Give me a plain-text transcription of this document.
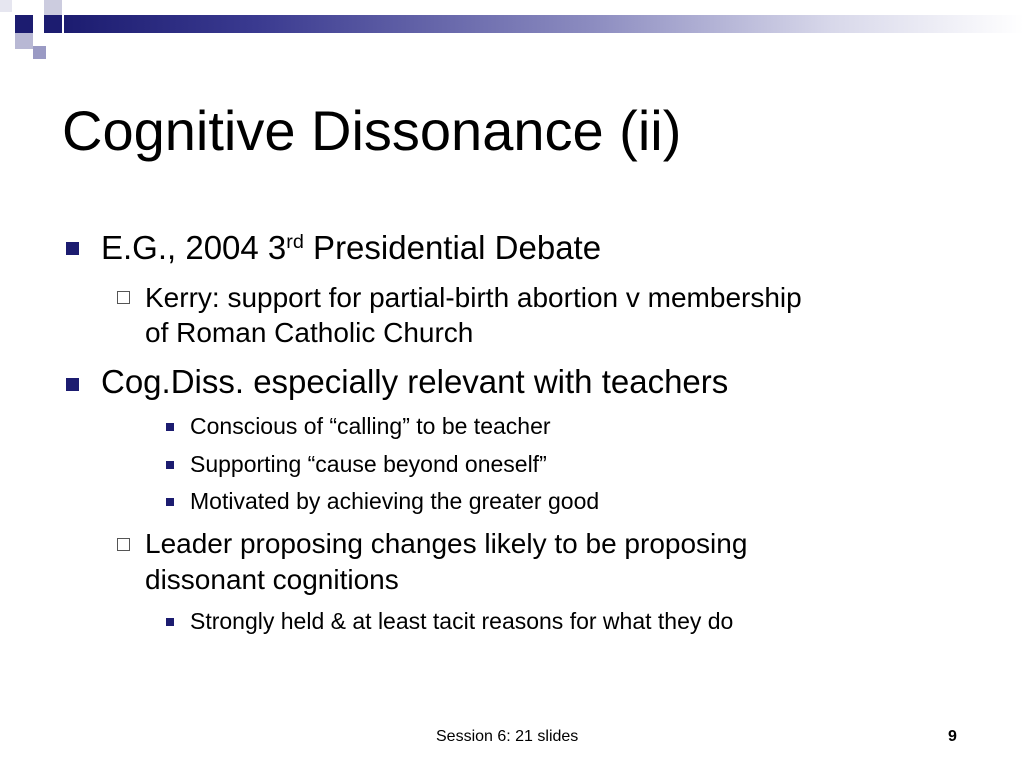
Cognitive Dissonance (ii)
E.G., 2004 3rd Presidential Debate
Kerry: support for partial-birth abortion v membership
of Roman Catholic Church
Cog.Diss. especially relevant with teachers
Conscious of “calling” to be teacher
Supporting “cause beyond oneself”
Motivated by achieving the greater good
Leader proposing changes likely to be proposing
dissonant cognitions
Strongly held & at least tacit reasons for what they do
Session 6: 21 slides	9
